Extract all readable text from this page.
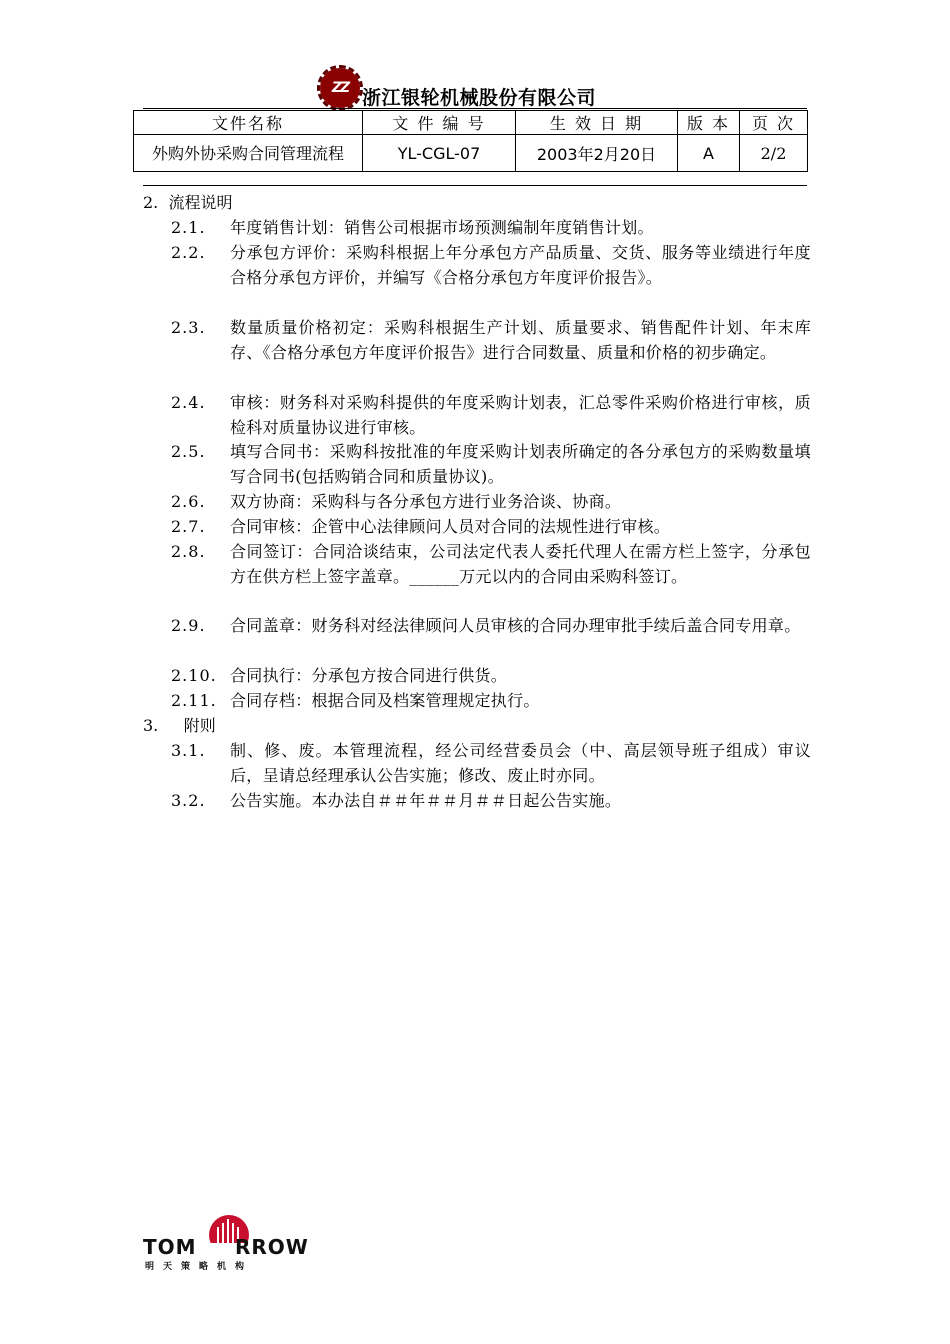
ZZ 浙江银轮机械股份有限公司
文件名称	文 件 编 号	生 效 日 期	版 本	页 次
外购外协采购合同管理流程	YL-CGL-07	2003年2月20日	A	2/2
2. 流程说明
2.1. 年度销售计划：销售公司根据市场预测编制年度销售计划。
2.2. 分承包方评价：采购科根据上年分承包方产品质量、交货、服务等业绩进行年度合格分承包方评价，并编写《合格分承包方年度评价报告》。
2.3. 数量质量价格初定：采购科根据生产计划、质量要求、销售配件计划、年末库存、《合格分承包方年度评价报告》进行合同数量、质量和价格的初步确定。
2.4. 审核：财务科对采购科提供的年度采购计划表，汇总零件采购价格进行审核，质检科对质量协议进行审核。
2.5. 填写合同书：采购科按批准的年度采购计划表所确定的各分承包方的采购数量填写合同书(包括购销合同和质量协议)。
2.6. 双方协商：采购科与各分承包方进行业务洽谈、协商。
2.7. 合同审核：企管中心法律顾问人员对合同的法规性进行审核。
2.8. 合同签订：合同洽谈结束，公司法定代表人委托代理人在需方栏上签字，分承包方在供方栏上签字盖章。______万元以内的合同由采购科签订。
2.9. 合同盖章：财务科对经法律顾问人员审核的合同办理审批手续后盖合同专用章。
2.10. 合同执行：分承包方按合同进行供货。
2.11. 合同存档：根据合同及档案管理规定执行。
3. 附则
3.1. 制、修、废。本管理流程，经公司经营委员会（中、高层领导班子组成）审议后，呈请总经理承认公告实施；修改、废止时亦同。
3.2. 公告实施。本办法自＃＃年＃＃月＃＃日起公告实施。
TOM RROW
明天策略机构
